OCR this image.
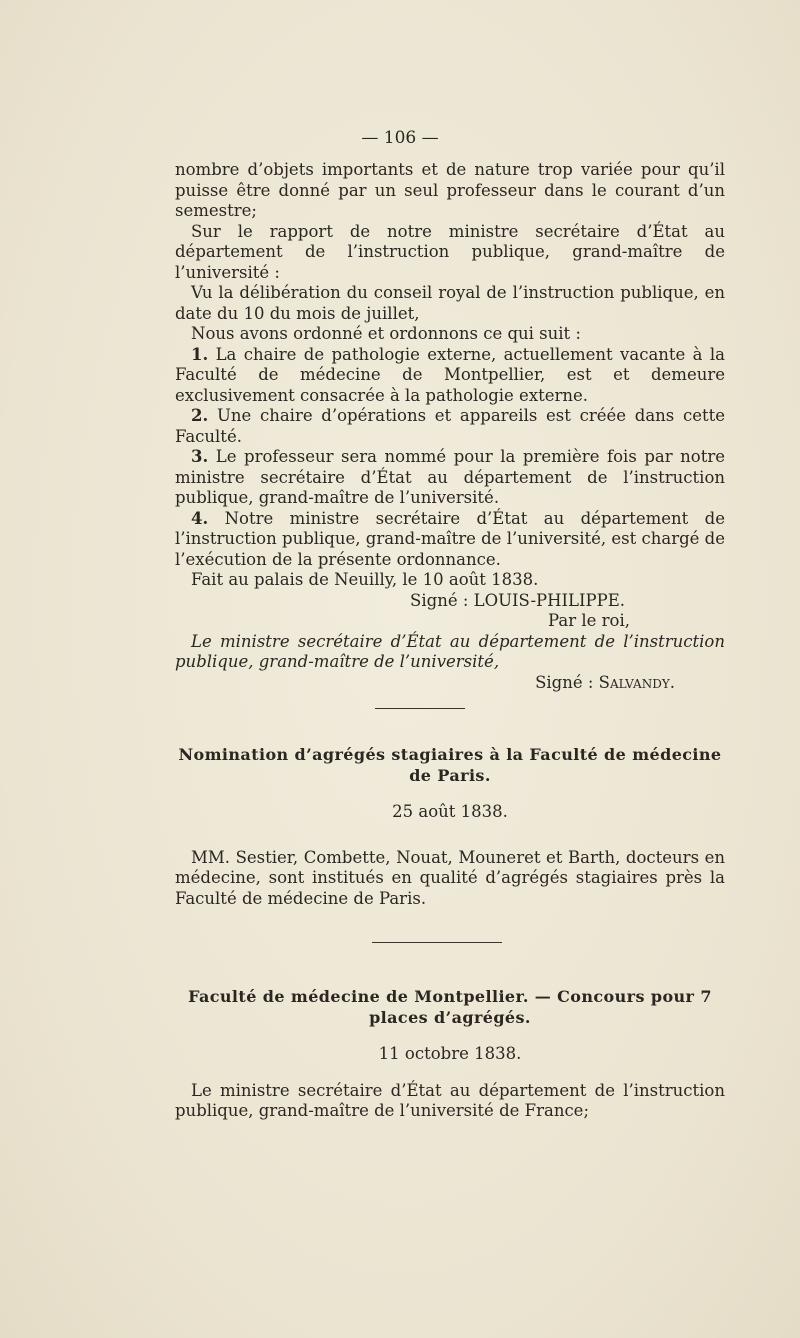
— 106 —

nombre d’objets importants et de nature trop variée pour qu’il puisse être donné par un seul professeur dans le courant d’un semestre;

Sur le rapport de notre ministre secrétaire d’État au département de l’instruction publique, grand-maître de l’université :

Vu la délibération du conseil royal de l’instruction publique, en date du 10 du mois de juillet,

Nous avons ordonné et ordonnons ce qui suit :

1. La chaire de pathologie externe, actuellement vacante à la Faculté de médecine de Montpellier, est et demeure exclusivement consacrée à la pathologie externe.

2. Une chaire d’opérations et appareils est créée dans cette Faculté.

3. Le professeur sera nommé pour la première fois par notre ministre secrétaire d’État au département de l’instruction publique, grand-maître de l’université.

4. Notre ministre secrétaire d’État au département de l’instruction publique, grand-maître de l’université, est chargé de l’exécution de la présente ordonnance.

Fait au palais de Neuilly, le 10 août 1838.

Signé : LOUIS-PHILIPPE.

Par le roi,

Le ministre secrétaire d’État au département de l’instruction publique, grand-maître de l’université,

Signé : Salvandy.

Nomination d’agrégés stagiaires à la Faculté de médecine de Paris.

25 août 1838.

MM. Sestier, Combette, Nouat, Mouneret et Barth, docteurs en médecine, sont institués en qualité d’agrégés stagiaires près la Faculté de médecine de Paris.

Faculté de médecine de Montpellier. — Concours pour 7 places d’agrégés.

11 octobre 1838.

Le ministre secrétaire d’État au département de l’instruction publique, grand-maître de l’université de France;
